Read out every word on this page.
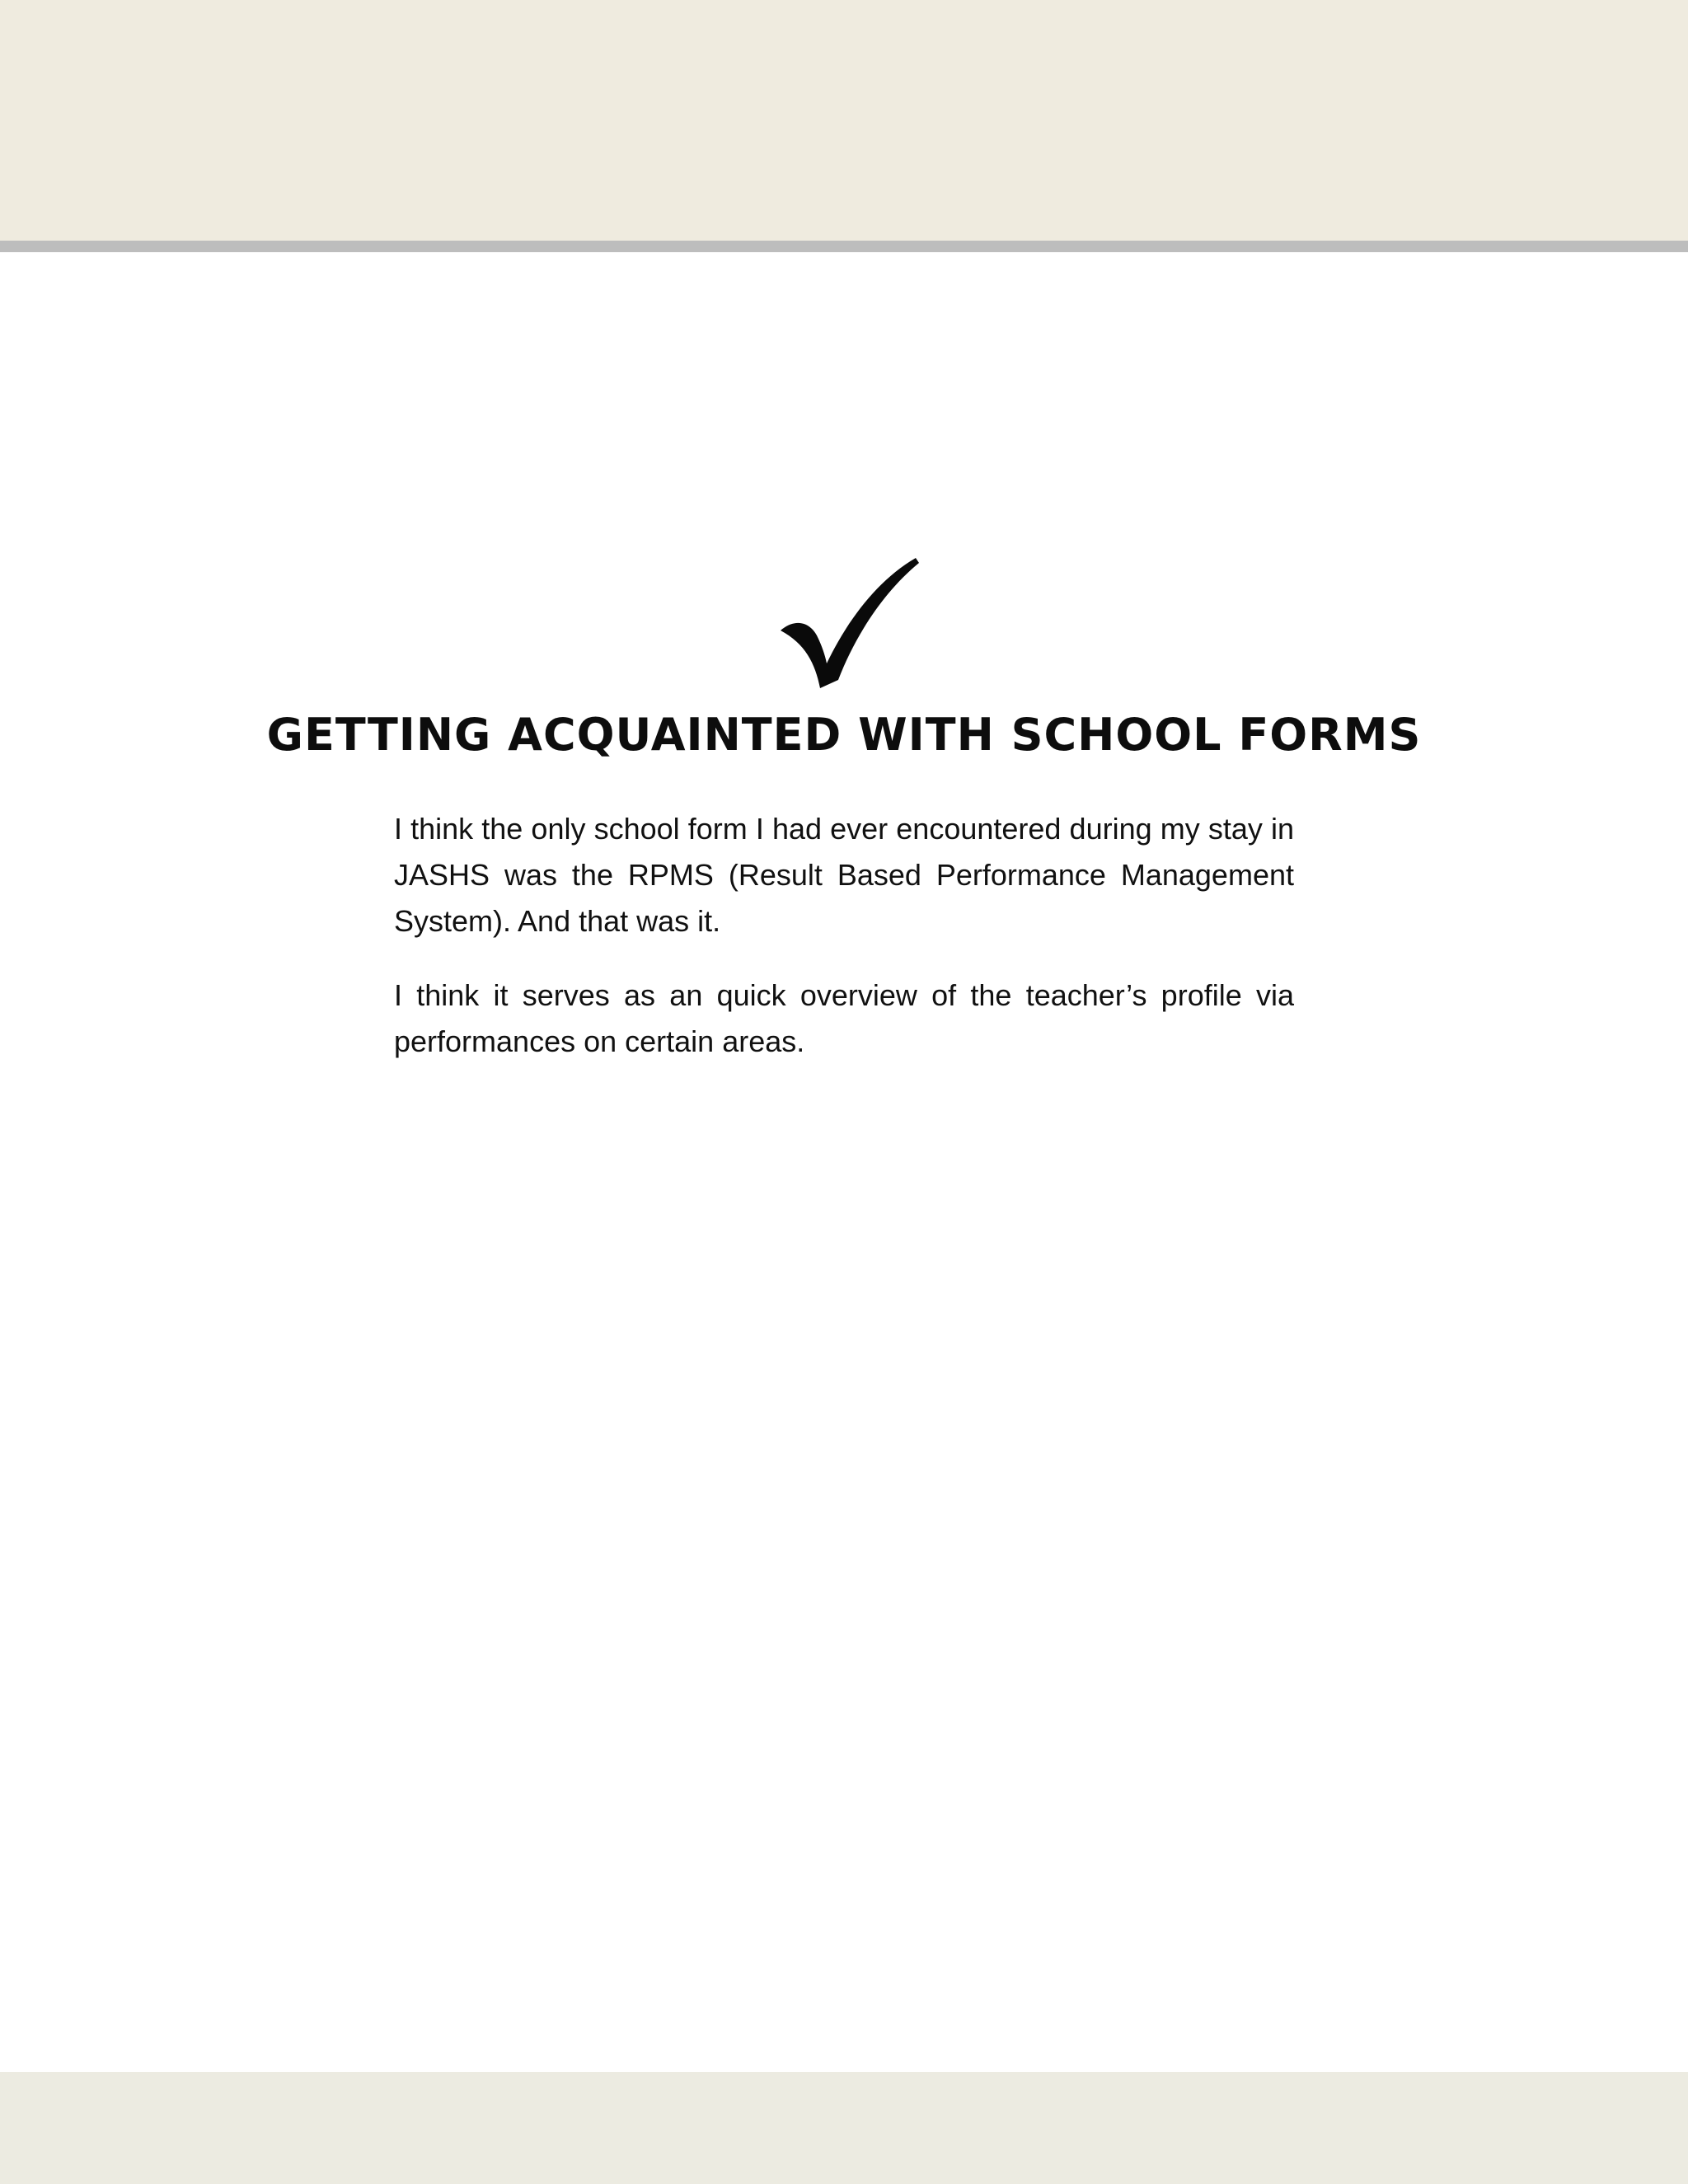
GETTING ACQUAINTED WITH SCHOOL FORMS

I think the only school form I had ever encountered during my stay in JASHS was the RPMS (Result Based Performance Management System). And that was it.

I think it serves as an quick overview of the teacher’s profile via performances on certain areas.
